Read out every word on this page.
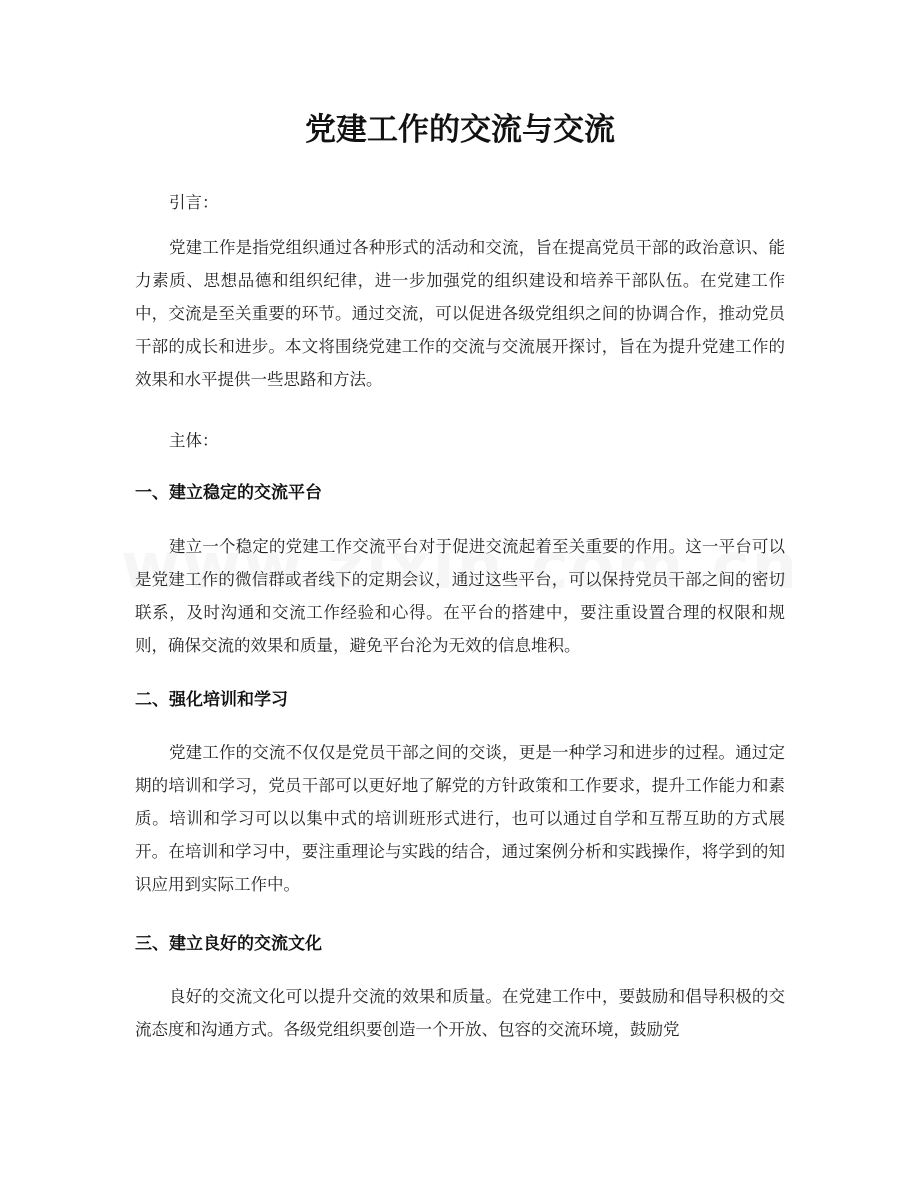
党建工作的交流与交流
引言：

党建工作是指党组织通过各种形式的活动和交流，旨在提高党员干部的政治意识、能力素质、思想品德和组织纪律，进一步加强党的组织建设和培养干部队伍。在党建工作中，交流是至关重要的环节。通过交流，可以促进各级党组织之间的协调合作，推动党员干部的成长和进步。本文将围绕党建工作的交流与交流展开探讨，旨在为提升党建工作的效果和水平提供一些思路和方法。

主体：
一、建立稳定的交流平台

建立一个稳定的党建工作交流平台对于促进交流起着至关重要的作用。这一平台可以是党建工作的微信群或者线下的定期会议，通过这些平台，可以保持党员干部之间的密切联系，及时沟通和交流工作经验和心得。在平台的搭建中，要注重设置合理的权限和规则，确保交流的效果和质量，避免平台沦为无效的信息堆积。

二、强化培训和学习

党建工作的交流不仅仅是党员干部之间的交谈，更是一种学习和进步的过程。通过定期的培训和学习，党员干部可以更好地了解党的方针政策和工作要求，提升工作能力和素质。培训和学习可以以集中式的培训班形式进行，也可以通过自学和互帮互助的方式展开。在培训和学习中，要注重理论与实践的结合，通过案例分析和实践操作，将学到的知识应用到实际工作中。

三、建立良好的交流文化

良好的交流文化可以提升交流的效果和质量。在党建工作中，要鼓励和倡导积极的交流态度和沟通方式。各级党组织要创造一个开放、包容的交流环境，鼓励党
